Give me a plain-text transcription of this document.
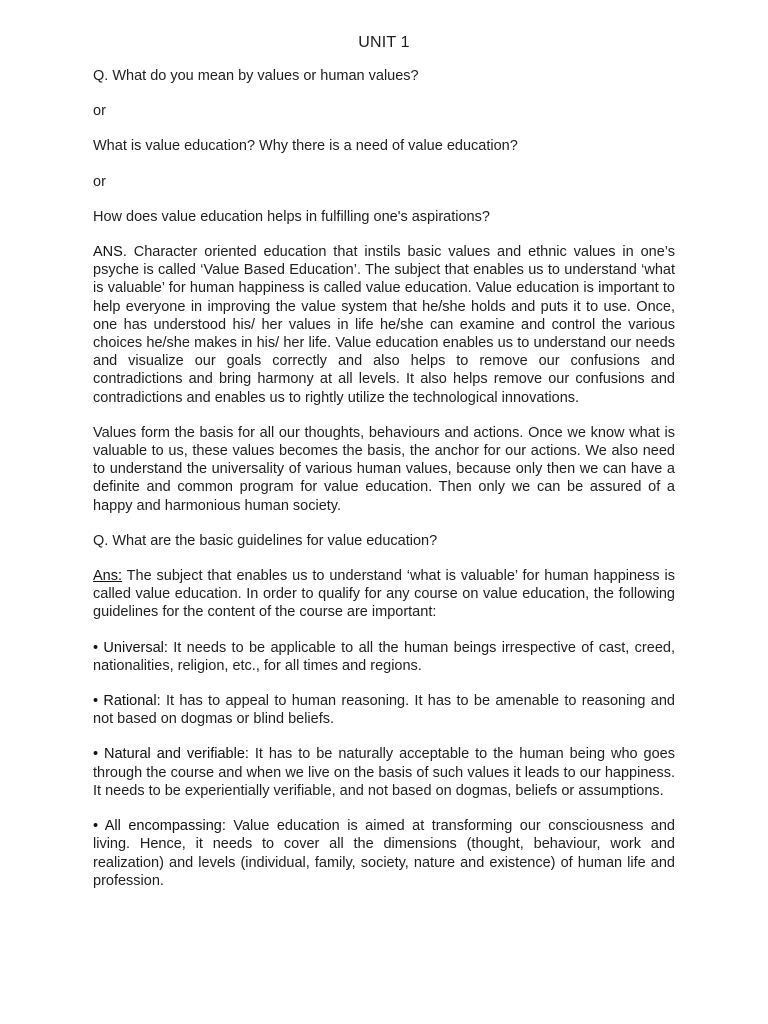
UNIT 1
Q. What do you mean by values or human values?
or
What is value education? Why there is a need of value education?
or
How does value education helps in fulfilling one's aspirations?
ANS. Character oriented education that instils basic values and ethnic values in one’s psyche is called ‘Value Based Education’. The subject that enables us to understand ‘what is valuable’ for human happiness is called value education. Value education is important to help everyone in improving the value system that he/she holds and puts it to use. Once, one has understood his/ her values in life he/she can examine and control the various choices he/she makes in his/ her life. Value education enables us to understand our needs and visualize our goals correctly and also helps to remove our confusions and contradictions and bring harmony at all levels. It also helps remove our confusions and contradictions and enables us to rightly utilize the technological innovations.
Values form the basis for all our thoughts, behaviours and actions. Once we know what is valuable to us, these values becomes the basis, the anchor for our actions. We also need to understand the universality of various human values, because only then we can have a definite and common program for value education. Then only we can be assured of a happy and harmonious human society.
Q. What are the basic guidelines for value education?
Ans: The subject that enables us to understand ‘what is valuable’ for human happiness is called value education. In order to qualify for any course on value education, the following guidelines for the content of the course are important:
• Universal: It needs to be applicable to all the human beings irrespective of cast, creed, nationalities, religion, etc., for all times and regions.
• Rational: It has to appeal to human reasoning. It has to be amenable to reasoning and not based on dogmas or blind beliefs.
• Natural and verifiable: It has to be naturally acceptable to the human being who goes through the course and when we live on the basis of such values it leads to our happiness. It needs to be experientially verifiable, and not based on dogmas, beliefs or assumptions.
• All encompassing: Value education is aimed at transforming our consciousness and living. Hence, it needs to cover all the dimensions (thought, behaviour, work and realization) and levels (individual, family, society, nature and existence) of human life and profession.
